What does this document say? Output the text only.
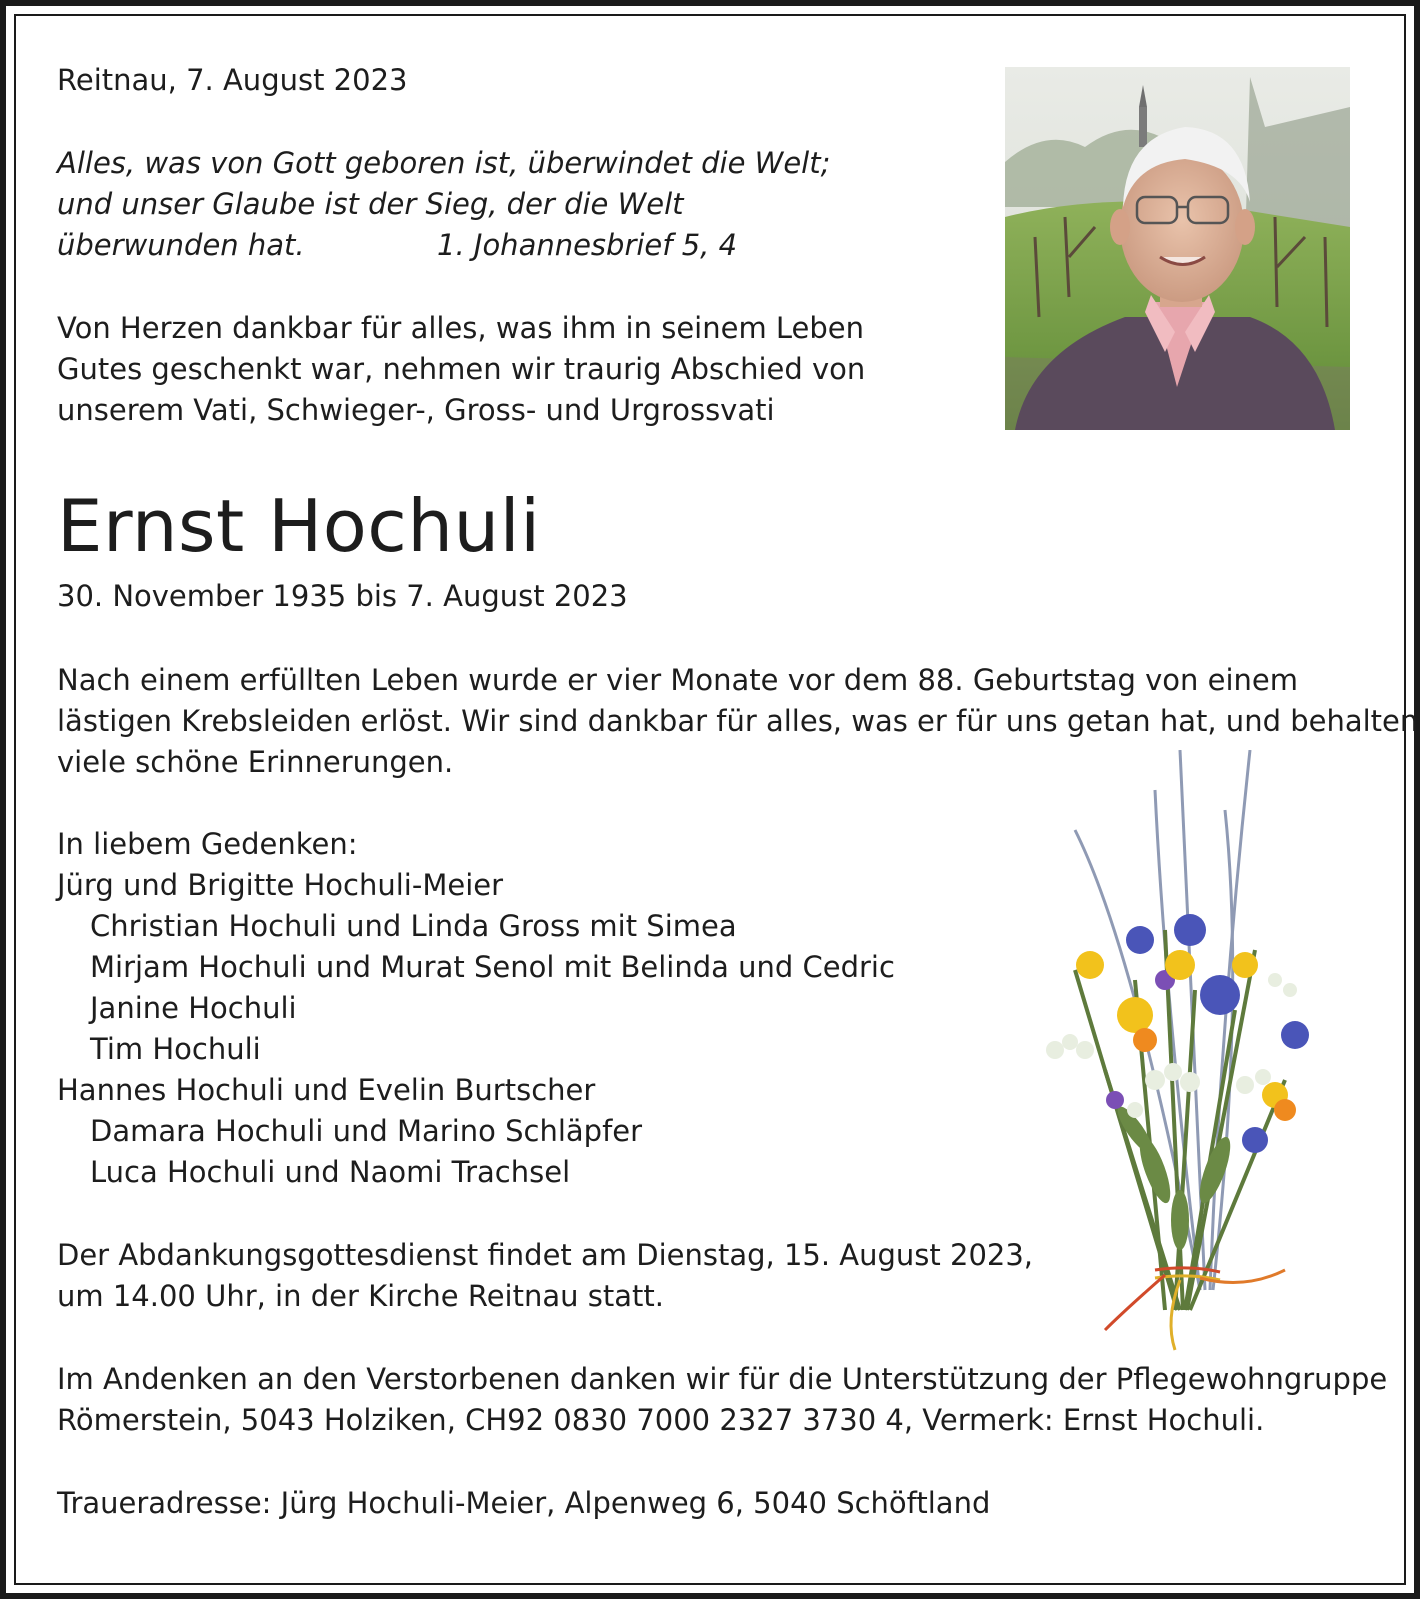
Reitnau, 7. August 2023
Alles, was von Gott geboren ist, überwindet die Welt;
und unser Glaube ist der Sieg, der die Welt
überwunden hat.	1. Johannesbrief 5, 4
Von Herzen dankbar für alles, was ihm in seinem Leben
Gutes geschenkt war, nehmen wir traurig Abschied von
unserem Vati, Schwieger-, Gross- und Urgrossvati
Ernst Hochuli
30. November 1935 bis 7. August 2023
Nach einem erfüllten Leben wurde er vier Monate vor dem 88. Geburtstag von einem
lästigen Krebsleiden erlöst. Wir sind dankbar für alles, was er für uns getan hat, und behalten
viele schöne Erinnerungen.
In liebem Gedenken:
Jürg und Brigitte Hochuli-Meier
Christian Hochuli und Linda Gross mit Simea
Mirjam Hochuli und Murat Senol mit Belinda und Cedric
Janine Hochuli
Tim Hochuli
Hannes Hochuli und Evelin Burtscher
Damara Hochuli und Marino Schläpfer
Luca Hochuli und Naomi Trachsel
Der Abdankungsgottesdienst findet am Dienstag, 15. August 2023,
um 14.00 Uhr, in der Kirche Reitnau statt.
Im Andenken an den Verstorbenen danken wir für die Unterstützung der Pflegewohngruppe
Römerstein, 5043 Holziken, CH92 0830 7000 2327 3730 4, Vermerk: Ernst Hochuli.
Traueradresse: Jürg Hochuli-Meier, Alpenweg 6, 5040 Schöftland
